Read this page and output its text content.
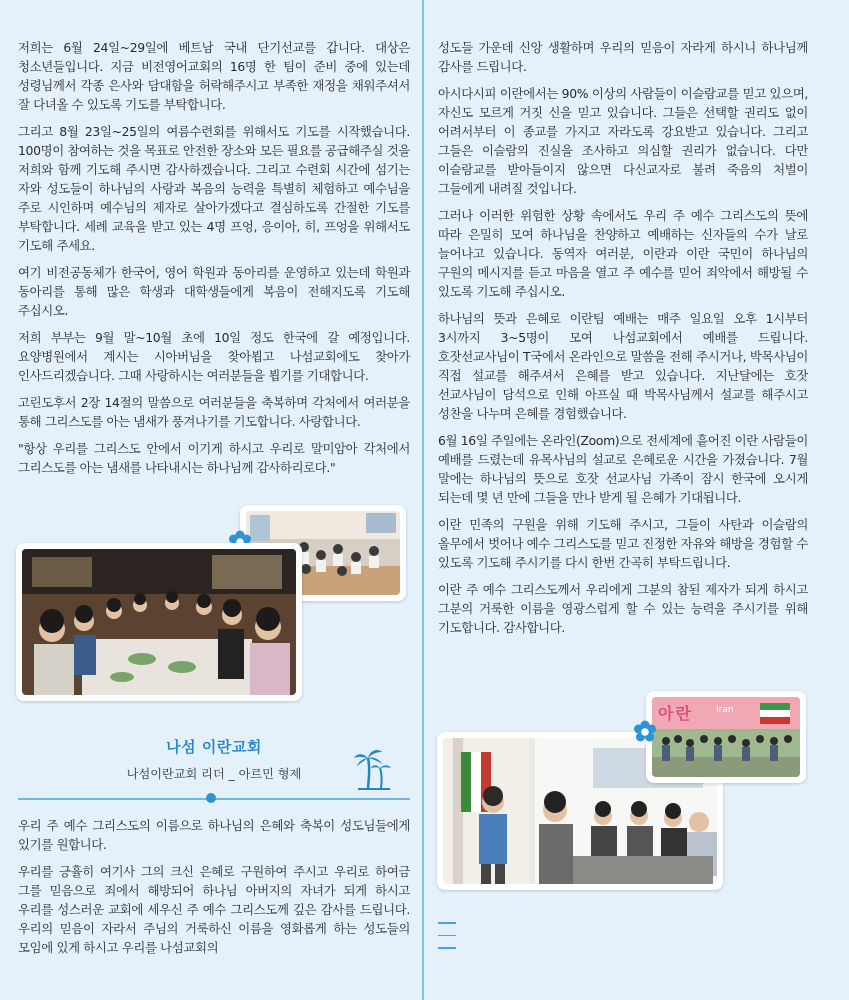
저희는 6월 24일~29일에 베트남 국내 단기선교를 갑니다. 대상은 청소년들입니다. 지금 비전영어교회의 16명 한 팀이 준비 중에 있는데 성령님께서 각종 은사와 담대함을 허락해주시고 부족한 재정을 채워주셔서 잘 다녀올 수 있도록 기도를 부탁합니다.

그리고 8월 23일~25일의 여름수련회를 위해서도 기도를 시작했습니다. 100명이 참여하는 것을 목표로 안전한 장소와 모든 필요를 공급해주실 것을 저희와 함께 기도해 주시면 감사하겠습니다. 그리고 수련회 시간에 섬기는 자와 성도들이 하나님의 사랑과 복음의 능력을 특별히 체험하고 예수님을 주로 시인하며 예수님의 제자로 살아가겠다고 결심하도록 간절한 기도를 부탁합니다. 세례 교육을 받고 있는 4명 프엉, 응이아, 히, 프엉을 위해서도 기도해 주세요.

여기 비전공동체가 한국어, 영어 학원과 동아리를 운영하고 있는데 학원과 동아리를 통해 많은 학생과 대학생들에게 복음이 전해지도록 기도해 주십시오.

저희 부부는 9월 말~10월 초에 10일 정도 한국에 갈 예정입니다. 요양병원에서 계시는 시아버님을 찾아뵙고 나섬교회에도 찾아가 인사드리겠습니다. 그때 사랑하시는 여러분들을 뵙기를 기대합니다.

고린도후서 2장 14절의 말씀으로 여러분들을 축복하며 각처에서 여러분을 통해 그리스도를 아는 냄새가 풍겨나기를 기도합니다. 사랑합니다.

"항상 우리를 그리스도 안에서 이기게 하시고 우리로 말미암아 각처에서 그리스도를 아는 냄새를 나타내시는 하나님께 감사하리로다."

나섬 이란교회
나섬이란교회 리더 _ 아르민 형제

우리 주 예수 그리스도의 이름으로 하나님의 은혜와 축복이 성도님들에게 있기를 원합니다.

우리를 긍휼히 여기사 그의 크신 은혜로 구원하여 주시고 우리로 하여금 그를 믿음으로 죄에서 해방되어 하나님 아버지의 자녀가 되게 하시고 우리를 성스러운 교회에 세우신 주 예수 그리스도께 깊은 감사를 드립니다. 우리의 믿음이 자라서 주님의 거룩하신 이름을 영화롭게 하는 성도들의 모임에 있게 하시고 우리를 나섬교회의

성도들 가운데 신앙 생활하며 우리의 믿음이 자라게 하시니 하나님께 감사를 드립니다.

아시다시피 이란에서는 90% 이상의 사람들이 이슬람교를 믿고 있으며, 자신도 모르게 거짓 신을 믿고 있습니다. 그들은 선택할 권리도 없이 어려서부터 이 종교를 가지고 자라도록 강요받고 있습니다. 그리고 그들은 이슬람의 진실을 조사하고 의심할 권리가 없습니다. 다만 이슬람교를 받아들이지 않으면 다신교자로 불려 죽음의 처벌이 그들에게 내려질 것입니다.

그러나 이러한 위험한 상황 속에서도 우리 주 예수 그리스도의 뜻에 따라 은밀히 모여 하나님을 찬양하고 예배하는 신자들의 수가 날로 늘어나고 있습니다. 동역자 여러분, 이란과 이란 국민이 하나님의 구원의 메시지를 듣고 마음을 열고 주 예수를 믿어 죄악에서 해방될 수 있도록 기도해 주십시오.

하나님의 뜻과 은혜로 이란팀 예배는 매주 일요일 오후 1시부터 3시까지 3~5명이 모여 나섬교회에서 예배를 드립니다. 호잣선교사님이 T국에서 온라인으로 말씀을 전해 주시거나, 박목사님이 직접 설교를 해주셔서 은혜를 받고 있습니다. 지난달에는 호잣 선교사님이 담석으로 인해 아프실 때 박목사님께서 설교를 해주시고 성찬을 나누며 은혜를 경험했습니다.

6월 16일 주일에는 온라인(Zoom)으로 전세계에 흩어진 이란 사람들이 예배를 드렸는데 유목사님의 설교로 은혜로운 시간을 가졌습니다. 7월 말에는 하나님의 뜻으로 호잣 선교사님 가족이 잠시 한국에 오시게 되는데 몇 년 만에 그들을 만나 받게 될 은혜가 기대됩니다.

이란 민족의 구원을 위해 기도해 주시고, 그들이 사탄과 이슬람의 올무에서 벗어나 예수 그리스도를 믿고 진정한 자유와 해방을 경험할 수 있도록 기도해 주시기를 다시 한번 간곡히 부탁드립니다.

이란 주 예수 그리스도께서 우리에게 그분의 참된 제자가 되게 하시고 그분의 거룩한 이름을 영광스럽게 할 수 있는 능력을 주시기를 위해 기도합니다. 감사합니다.

아란	Iran
